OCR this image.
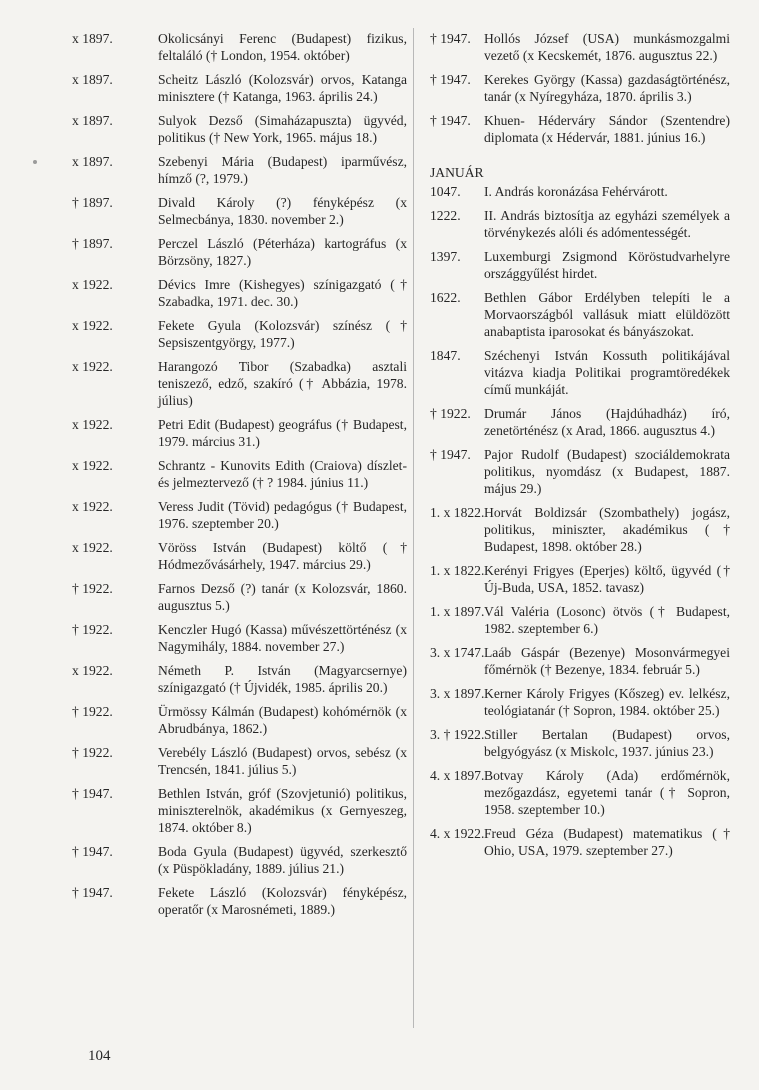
x 1897.	Okolicsányi Ferenc (Budapest) fizikus, feltaláló († London, 1954. október)
x 1897.	Scheitz László (Kolozsvár) orvos, Katanga miniszterе († Katanga, 1963. április 24.)
x 1897.	Sulyok Dezső (Simaházapuszta) ügyvéd, politikus († New York, 1965. május 18.)
x 1897.	Szebenyi Mária (Budapest) iparművész, hímző (?, 1979.)
† 1897.	Divald Károly (?) fényképész (x Selmecbánya, 1830. november 2.)
† 1897.	Perczel László (Péterháza) kartográfus (x Börzsöny, 1827.)
x 1922.	Dévics Imre (Kishegyes) színigazgató († Szabadka, 1971. dec. 30.)
x 1922.	Fekete Gyula (Kolozsvár) színész († Sepsiszentgyörgy, 1977.)
x 1922.	Harangozó Tibor (Szabadka) asztali teniszező, edző, szakíró († Abbázia, 1978. július)
x 1922.	Petri Edit (Budapest) geográfus († Budapest, 1979. március 31.)
x 1922.	Schrantz - Kunovits Edith (Craiova) díszlet- és jelmeztervező († ? 1984. június 11.)
x 1922.	Veress Judit (Tövid) pedagógus († Budapest, 1976. szeptember 20.)
x 1922.	Vöröss István (Budapest) költő († Hódmezővásárhely, 1947. március 29.)
† 1922.	Farnos Dezső (?) tanár (x Kolozsvár, 1860. augusztus 5.)
† 1922.	Kenczler Hugó (Kassa) művészettörténész (x Nagymihály, 1884. november 27.)
x 1922.	Németh P. István (Magyarcsernye) színigazgató († Újvidék, 1985. április 20.)
† 1922.	Ürmössy Kálmán (Budapest) kohómérnök (x Abrudbánya, 1862.)
† 1922.	Verebély László (Budapest) orvos, sebész (x Trencsén, 1841. július 5.)
† 1947.	Bethlen István, gróf (Szovjetunió) politikus, miniszterelnök, akadémikus (x Gernyeszeg, 1874. október 8.)
† 1947.	Boda Gyula (Budapest) ügyvéd, szerkesztő (x Püspökladány, 1889. július 21.)
† 1947.	Fekete László (Kolozsvár) fényképész, operatőr (x Marosnémeti, 1889.)
† 1947. Hollós József (USA) munkásmozgalmi vezető (x Kecskemét, 1876. augusztus 22.)
† 1947. Kerekes György (Kassa) gazdaságtörténész, tanár (x Nyíregyháza, 1870. április 3.)
† 1947. Khuen- Héderváry Sándor (Szentendre) diplomata (x Hédervár, 1881. június 16.)
JANUÁR
1047.	I. András koronázása Fehérvárott.
1222.	II. András biztosítja az egyházi személyek a törvénykezés alóli és adómentességét.
1397.	Luxemburgi Zsigmond Köröstudvarhelyre országgyűlést hirdet.
1622.	Bethlen Gábor Erdélyben telepíti le a Morvaországból vallásuk miatt elüldözött anabaptista iparosokat és bányászokat.
1847.	Széchenyi István Kossuth politikájával vitázva kiadja Politikai programtöredékek című munkáját.
† 1922. Drumár János (Hajdúhadház) író, zenetörténész (x Arad, 1866. augusztus 4.)
† 1947. Pajor Rudolf (Budapest) szociáldemokrata politikus, nyomdász (x Budapest, 1887. május 29.)
1. x 1822. Horvát Boldizsár (Szombathely) jogász, politikus, miniszter, akadémikus († Budapest, 1898. október 28.)
1. x 1822. Kerényi Frigyes (Eperjes) költő, ügyvéd († Új-Buda, USA, 1852. tavasz)
1. x 1897. Vál Valéria (Losonc) ötvös († Budapest, 1982. szeptember 6.)
3. x 1747. Laáb Gáspár (Bezenye) Mosonvármegyei főmérnök († Bezenye, 1834. február 5.)
3. x 1897. Kerner Károly Frigyes (Kőszeg) ev. lelkész, teológiatanár († Sopron, 1984. október 25.)
3. † 1922. Stiller Bertalan (Budapest) orvos, belgyógyász (x Miskolc, 1937. június 23.)
4. x 1897. Botvay Károly (Ada) erdőmérnök, mezőgazdász, egyetemi tanár († Sopron, 1958. szeptember 10.)
4. x 1922. Freud Géza (Budapest) matematikus († Ohio, USA, 1979. szeptember 27.)
104
